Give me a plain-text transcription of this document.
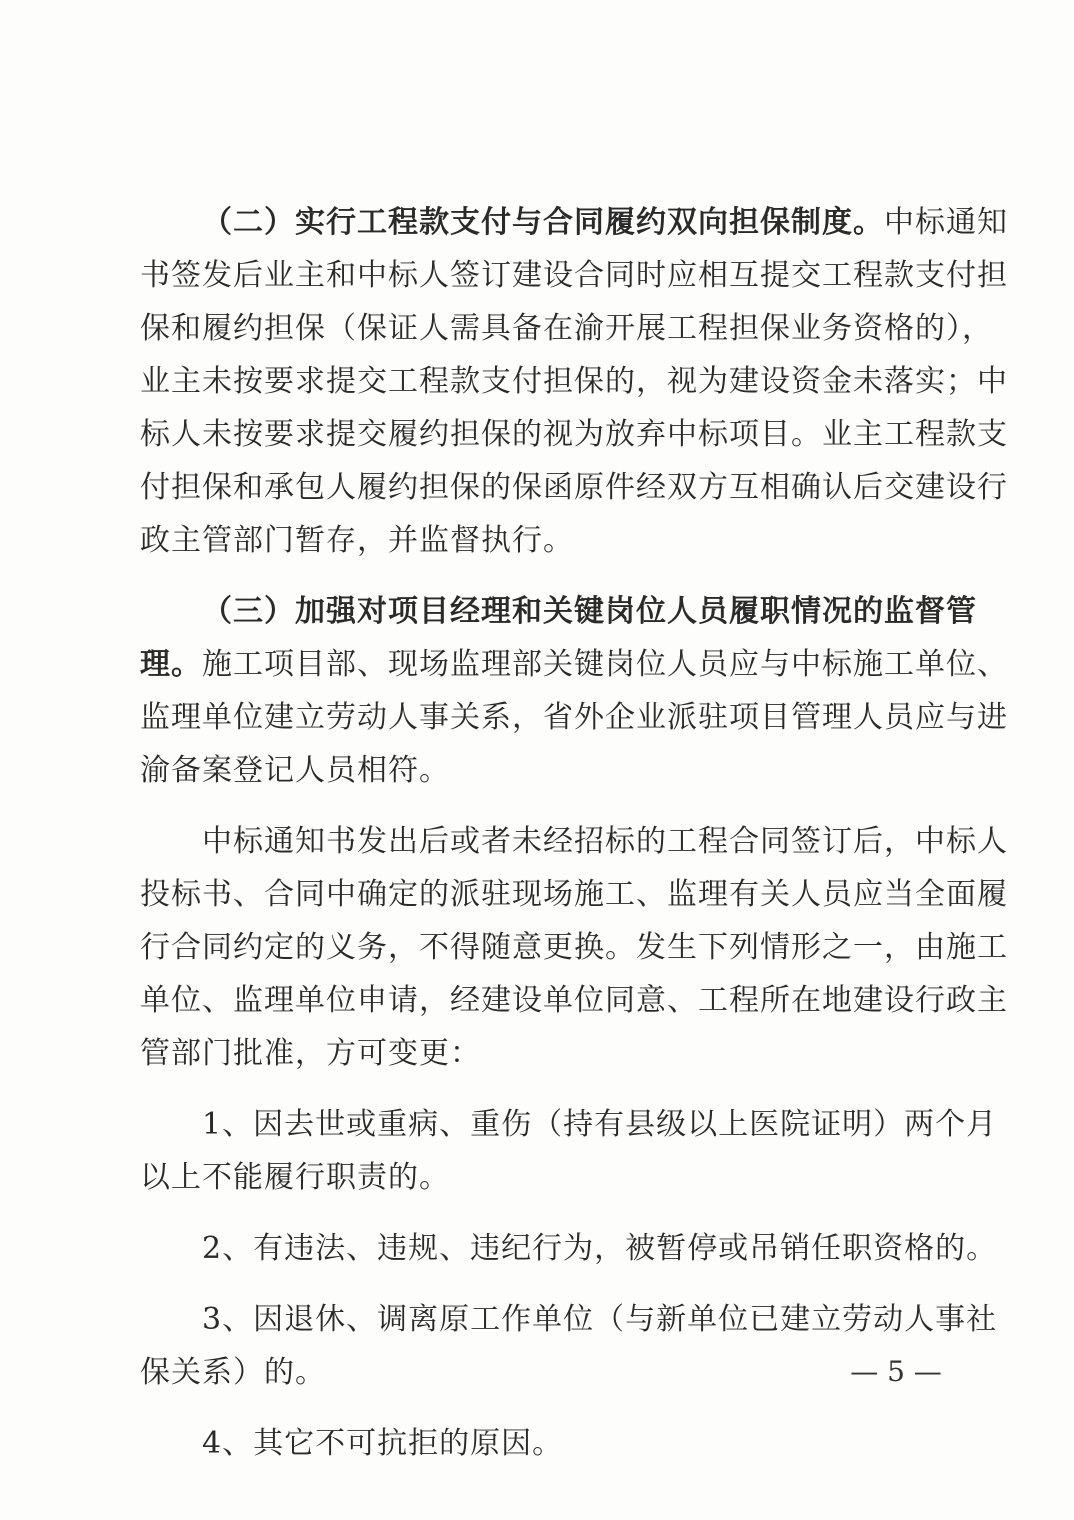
（二）实行工程款支付与合同履约双向担保制度。中标通知
书签发后业主和中标人签订建设合同时应相互提交工程款支付担
保和履约担保（保证人需具备在渝开展工程担保业务资格的），
业主未按要求提交工程款支付担保的，视为建设资金未落实；中
标人未按要求提交履约担保的视为放弃中标项目。业主工程款支
付担保和承包人履约担保的保函原件经双方互相确认后交建设行
政主管部门暂存，并监督执行。
（三）加强对项目经理和关键岗位人员履职情况的监督管
理。施工项目部、现场监理部关键岗位人员应与中标施工单位、
监理单位建立劳动人事关系，省外企业派驻项目管理人员应与进
渝备案登记人员相符。
中标通知书发出后或者未经招标的工程合同签订后，中标人
投标书、合同中确定的派驻现场施工、监理有关人员应当全面履
行合同约定的义务，不得随意更换。发生下列情形之一，由施工
单位、监理单位申请，经建设单位同意、工程所在地建设行政主
管部门批准，方可变更：
1、因去世或重病、重伤（持有县级以上医院证明）两个月
以上不能履行职责的。
2、有违法、违规、违纪行为，被暂停或吊销任职资格的。
3、因退休、调离原工作单位（与新单位已建立劳动人事社
保关系）的。
4、其它不可抗拒的原因。
— 5 —
